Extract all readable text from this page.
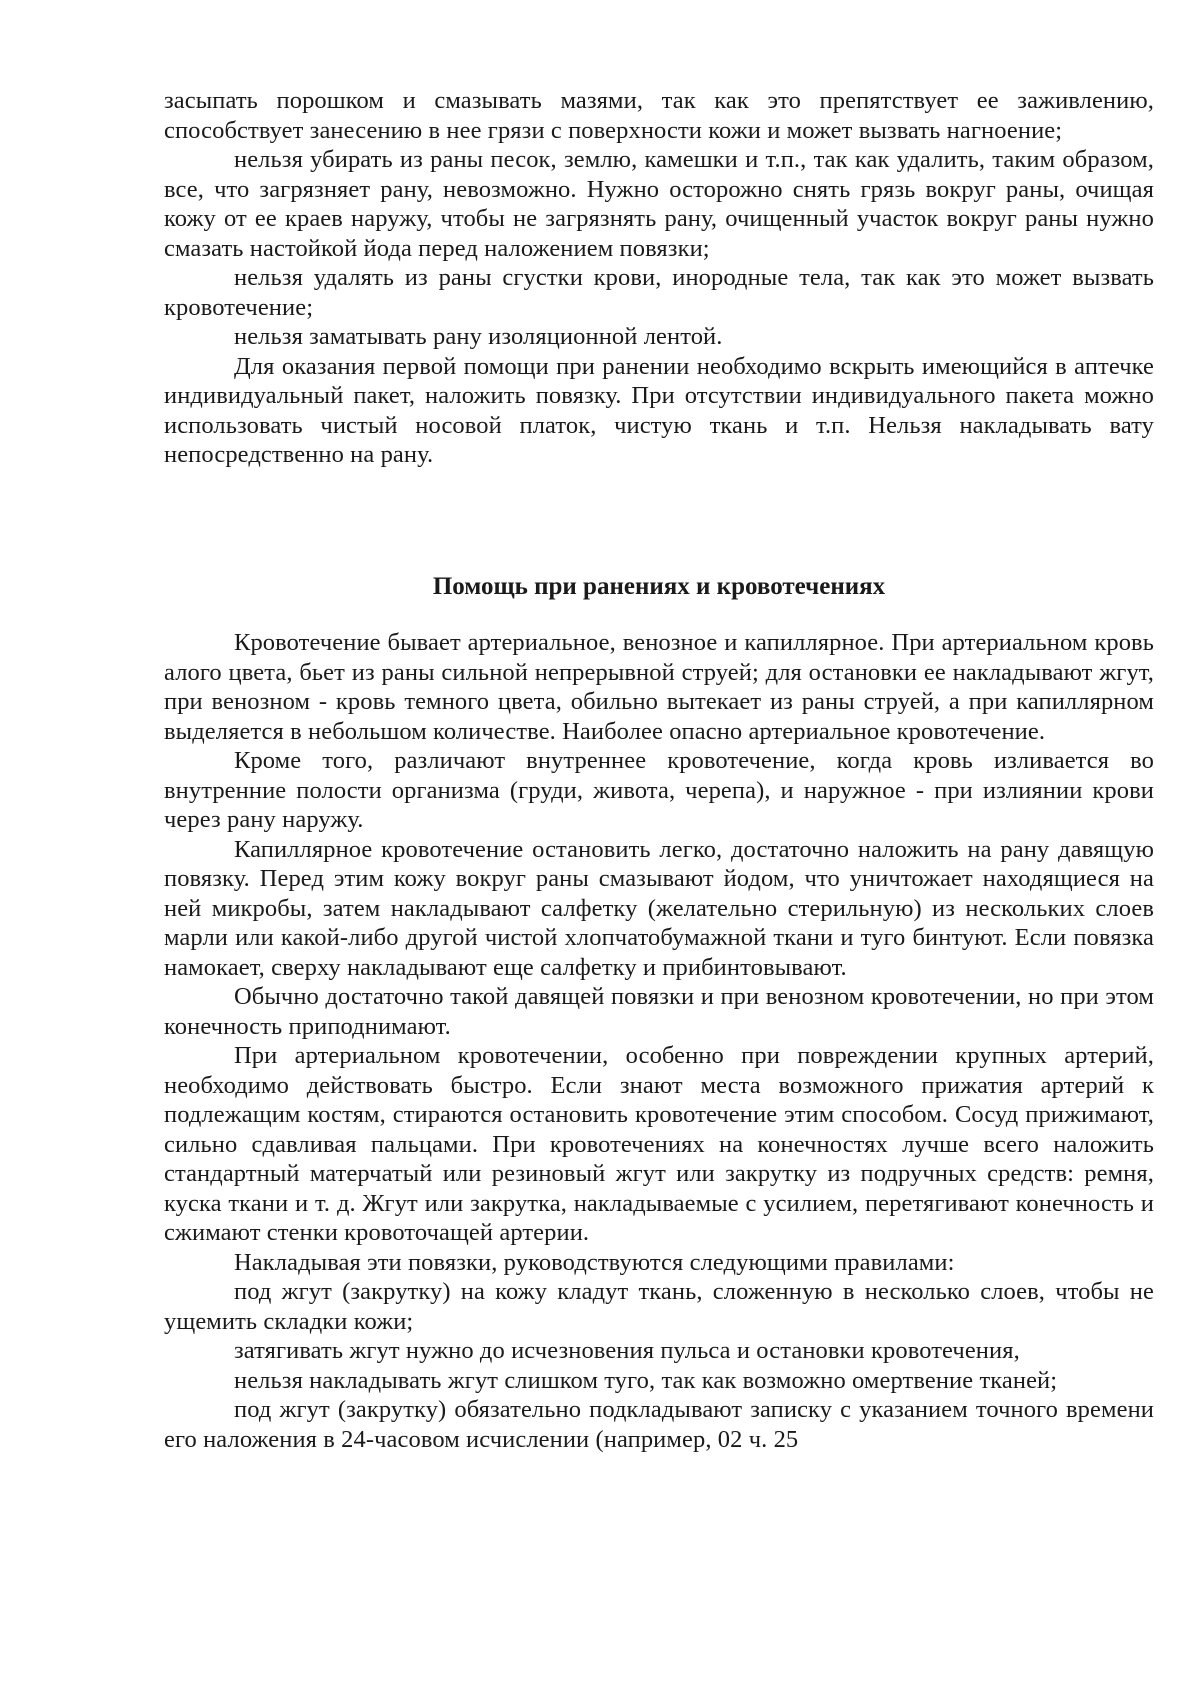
засыпать порошком и смазывать мазями, так как это препятствует ее заживлению, способствует занесению в нее грязи с поверхности кожи и может вызвать нагноение;

нельзя убирать из раны песок, землю, камешки и т.п., так как удалить, таким образом, все, что загрязняет рану, невозможно. Нужно осторожно снять грязь вокруг раны, очищая кожу от ее краев наружу, чтобы не загрязнять рану, очищенный участок вокруг раны нужно смазать настойкой йода перед наложением повязки;

нельзя удалять из раны сгустки крови, инородные тела, так как это может вызвать кровотечение;

нельзя заматывать рану изоляционной лентой.

Для оказания первой помощи при ранении необходимо вскрыть имеющийся в аптечке индивидуальный пакет, наложить повязку. При отсутствии индивидуального пакета можно использовать чистый носовой платок, чистую ткань и т.п. Нельзя накладывать вату непосредственно на рану.

Помощь при ранениях и кровотечениях

Кровотечение бывает артериальное, венозное и капиллярное. При артериальном кровь алого цвета, бьет из раны сильной непрерывной струей; для остановки ее накладывают жгут, при венозном - кровь темного цвета, обильно вытекает из раны струей, а при капиллярном выделяется в небольшом количестве. Наиболее опасно артериальное кровотечение.

Кроме того, различают внутреннее кровотечение, когда кровь изливается во внутренние полости организма (груди, живота, черепа), и наружное - при излиянии крови через рану наружу.

Капиллярное кровотечение остановить легко, достаточно наложить на рану давящую повязку. Перед этим кожу вокруг раны смазывают йодом, что уничтожает находящиеся на ней микробы, затем накладывают салфетку (желательно стерильную) из нескольких слоев марли или какой-либо другой чистой хлопчатобумажной ткани и туго бинтуют. Если повязка намокает, сверху накладывают еще салфетку и прибинтовывают.

Обычно достаточно такой давящей повязки и при венозном кровотечении, но при этом конечность приподнимают.

При артериальном кровотечении, особенно при повреждении крупных артерий, необходимо действовать быстро. Если знают места возможного прижатия артерий к подлежащим костям, стираются остановить кровотечение этим способом. Сосуд прижимают, сильно сдавливая пальцами. При кровотечениях на конечностях лучше всего наложить стандартный матерчатый или резиновый жгут или закрутку из подручных средств: ремня, куска ткани и т. д. Жгут или закрутка, накладываемые с усилием, перетягивают конечность и сжимают стенки кровоточащей артерии.

Накладывая эти повязки, руководствуются следующими правилами:

под жгут (закрутку) на кожу кладут ткань, сложенную в несколько слоев, чтобы не ущемить складки кожи;

затягивать жгут нужно до исчезновения пульса и остановки кровотечения,

нельзя накладывать жгут слишком туго, так как возможно омертвение тканей;

под жгут (закрутку) обязательно подкладывают записку с указанием точного времени его наложения в 24-часовом исчислении (например, 02 ч. 25
